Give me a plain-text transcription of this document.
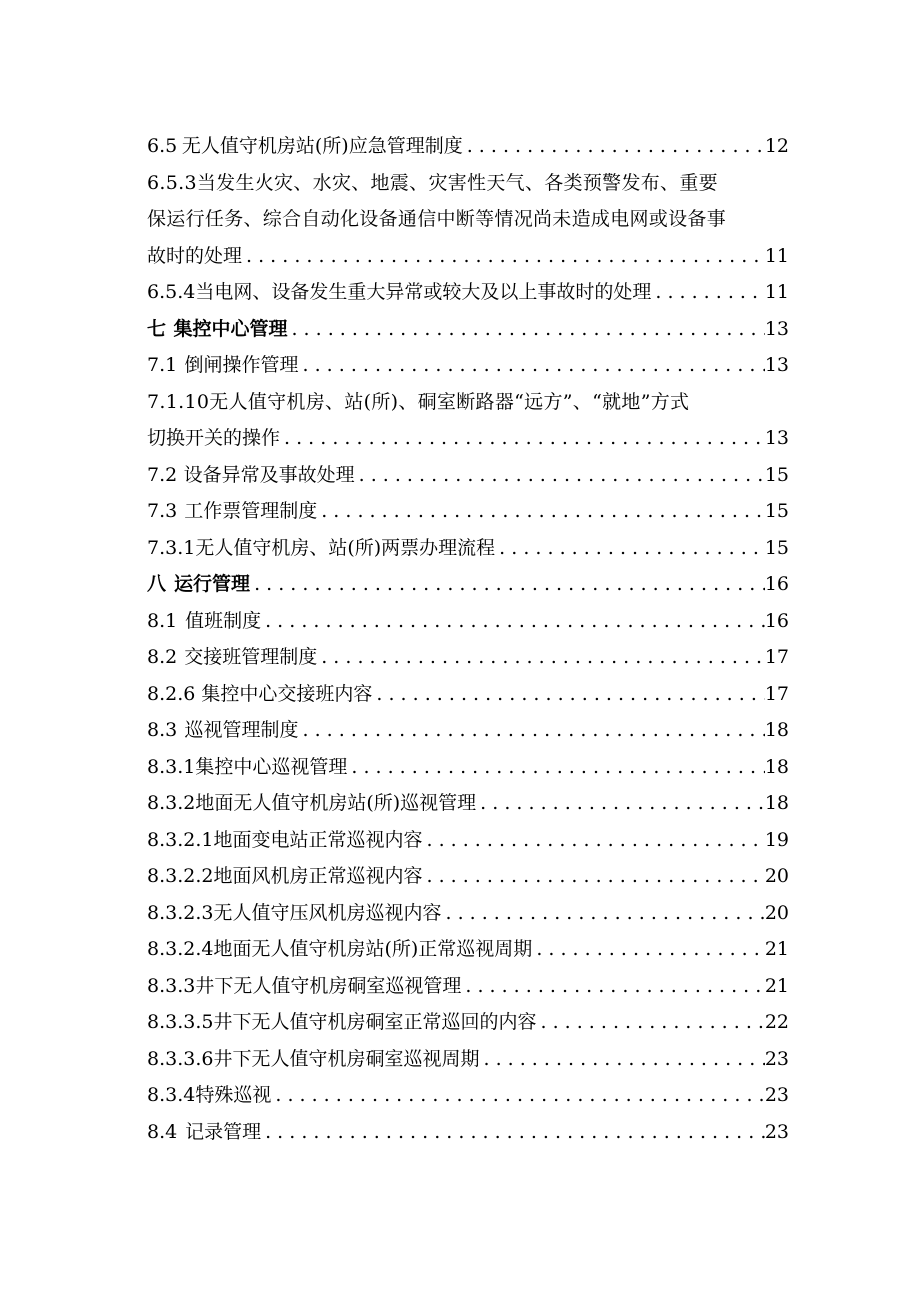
6.5 无人值守机房站(所)应急管理制度 . . .	12
6.5.3当发生火灾、水灾、地震、灾害性天气、各类预警发布、重要
保运行任务、综合自动化设备通信中断等情况尚未造成电网或设备事
故时的处理 . . .	11
6.5.4当电网、设备发生重大异常或较大及以上事故时的处理 . . .	11
七 集控中心管理 . . .	13
7.1 倒闸操作管理 . . .	13
7.1.10无人值守机房、站(所)、硐室断路器“远方”、“就地”方式
切换开关的操作 . . .	13
7.2 设备异常及事故处理 . . .	15
7.3 工作票管理制度 . . .	15
7.3.1无人值守机房、站(所)两票办理流程 . . .	15
八 运行管理 . . .	16
8.1 值班制度 . . .	16
8.2 交接班管理制度 . . .	17
8.2.6 集控中心交接班内容 . . .	17
8.3 巡视管理制度 . . .	18
8.3.1集控中心巡视管理 . . .	18
8.3.2地面无人值守机房站(所)巡视管理 . . .	18
8.3.2.1地面变电站正常巡视内容 . . .	19
8.3.2.2地面风机房正常巡视内容 . . .	20
8.3.2.3无人值守压风机房巡视内容 . . .	20
8.3.2.4地面无人值守机房站(所)正常巡视周期 . . .	21
8.3.3井下无人值守机房硐室巡视管理 . . .	21
8.3.3.5井下无人值守机房硐室正常巡回的内容 . . .	22
8.3.3.6井下无人值守机房硐室巡视周期 . . .	23
8.3.4特殊巡视 . . .	23
8.4 记录管理 . . .	23
